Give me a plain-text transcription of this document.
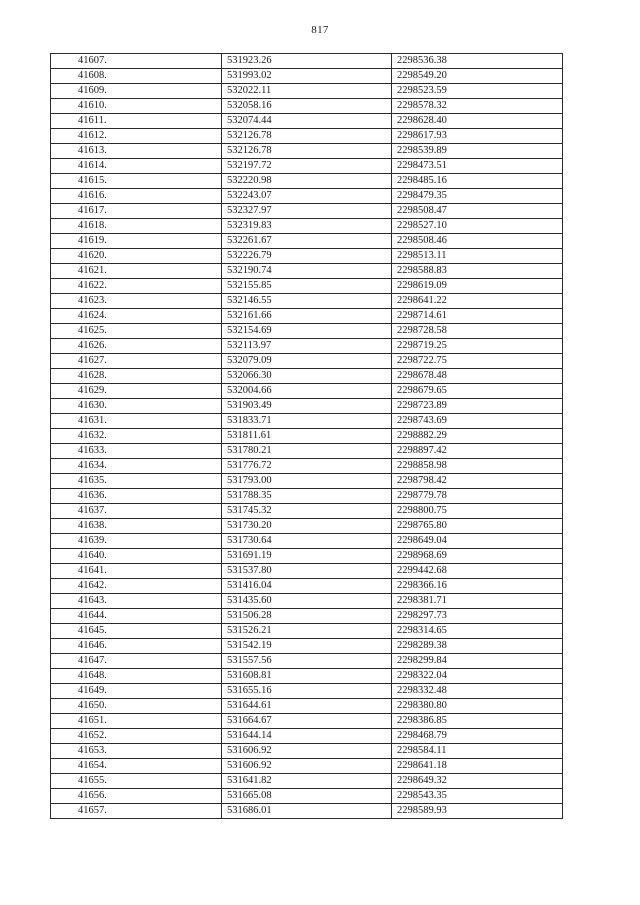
817
41607.	531923.26	2298536.38
41608.	531993.02	2298549.20
41609.	532022.11	2298523.59
41610.	532058.16	2298578.32
41611.	532074.44	2298628.40
41612.	532126.78	2298617.93
41613.	532126.78	2298539.89
41614.	532197.72	2298473.51
41615.	532220.98	2298485.16
41616.	532243.07	2298479.35
41617.	532327.97	2298508.47
41618.	532319.83	2298527.10
41619.	532261.67	2298508.46
41620.	532226.79	2298513.11
41621.	532190.74	2298588.83
41622.	532155.85	2298619.09
41623.	532146.55	2298641.22
41624.	532161.66	2298714.61
41625.	532154.69	2298728.58
41626.	532113.97	2298719.25
41627.	532079.09	2298722.75
41628.	532066.30	2298678.48
41629.	532004.66	2298679.65
41630.	531903.49	2298723.89
41631.	531833.71	2298743.69
41632.	531811.61	2298882.29
41633.	531780.21	2298897.42
41634.	531776.72	2298858.98
41635.	531793.00	2298798.42
41636.	531788.35	2298779.78
41637.	531745.32	2298800.75
41638.	531730.20	2298765.80
41639.	531730.64	2298649.04
41640.	531691.19	2298968.69
41641.	531537.80	2299442.68
41642.	531416.04	2298366.16
41643.	531435.60	2298381.71
41644.	531506.28	2298297.73
41645.	531526.21	2298314.65
41646.	531542.19	2298289.38
41647.	531557.56	2298299.84
41648.	531608.81	2298322.04
41649.	531655.16	2298332.48
41650.	531644.61	2298380.80
41651.	531664.67	2298386.85
41652.	531644.14	2298468.79
41653.	531606.92	2298584.11
41654.	531606.92	2298641.18
41655.	531641.82	2298649.32
41656.	531665.08	2298543.35
41657.	531686.01	2298589.93
